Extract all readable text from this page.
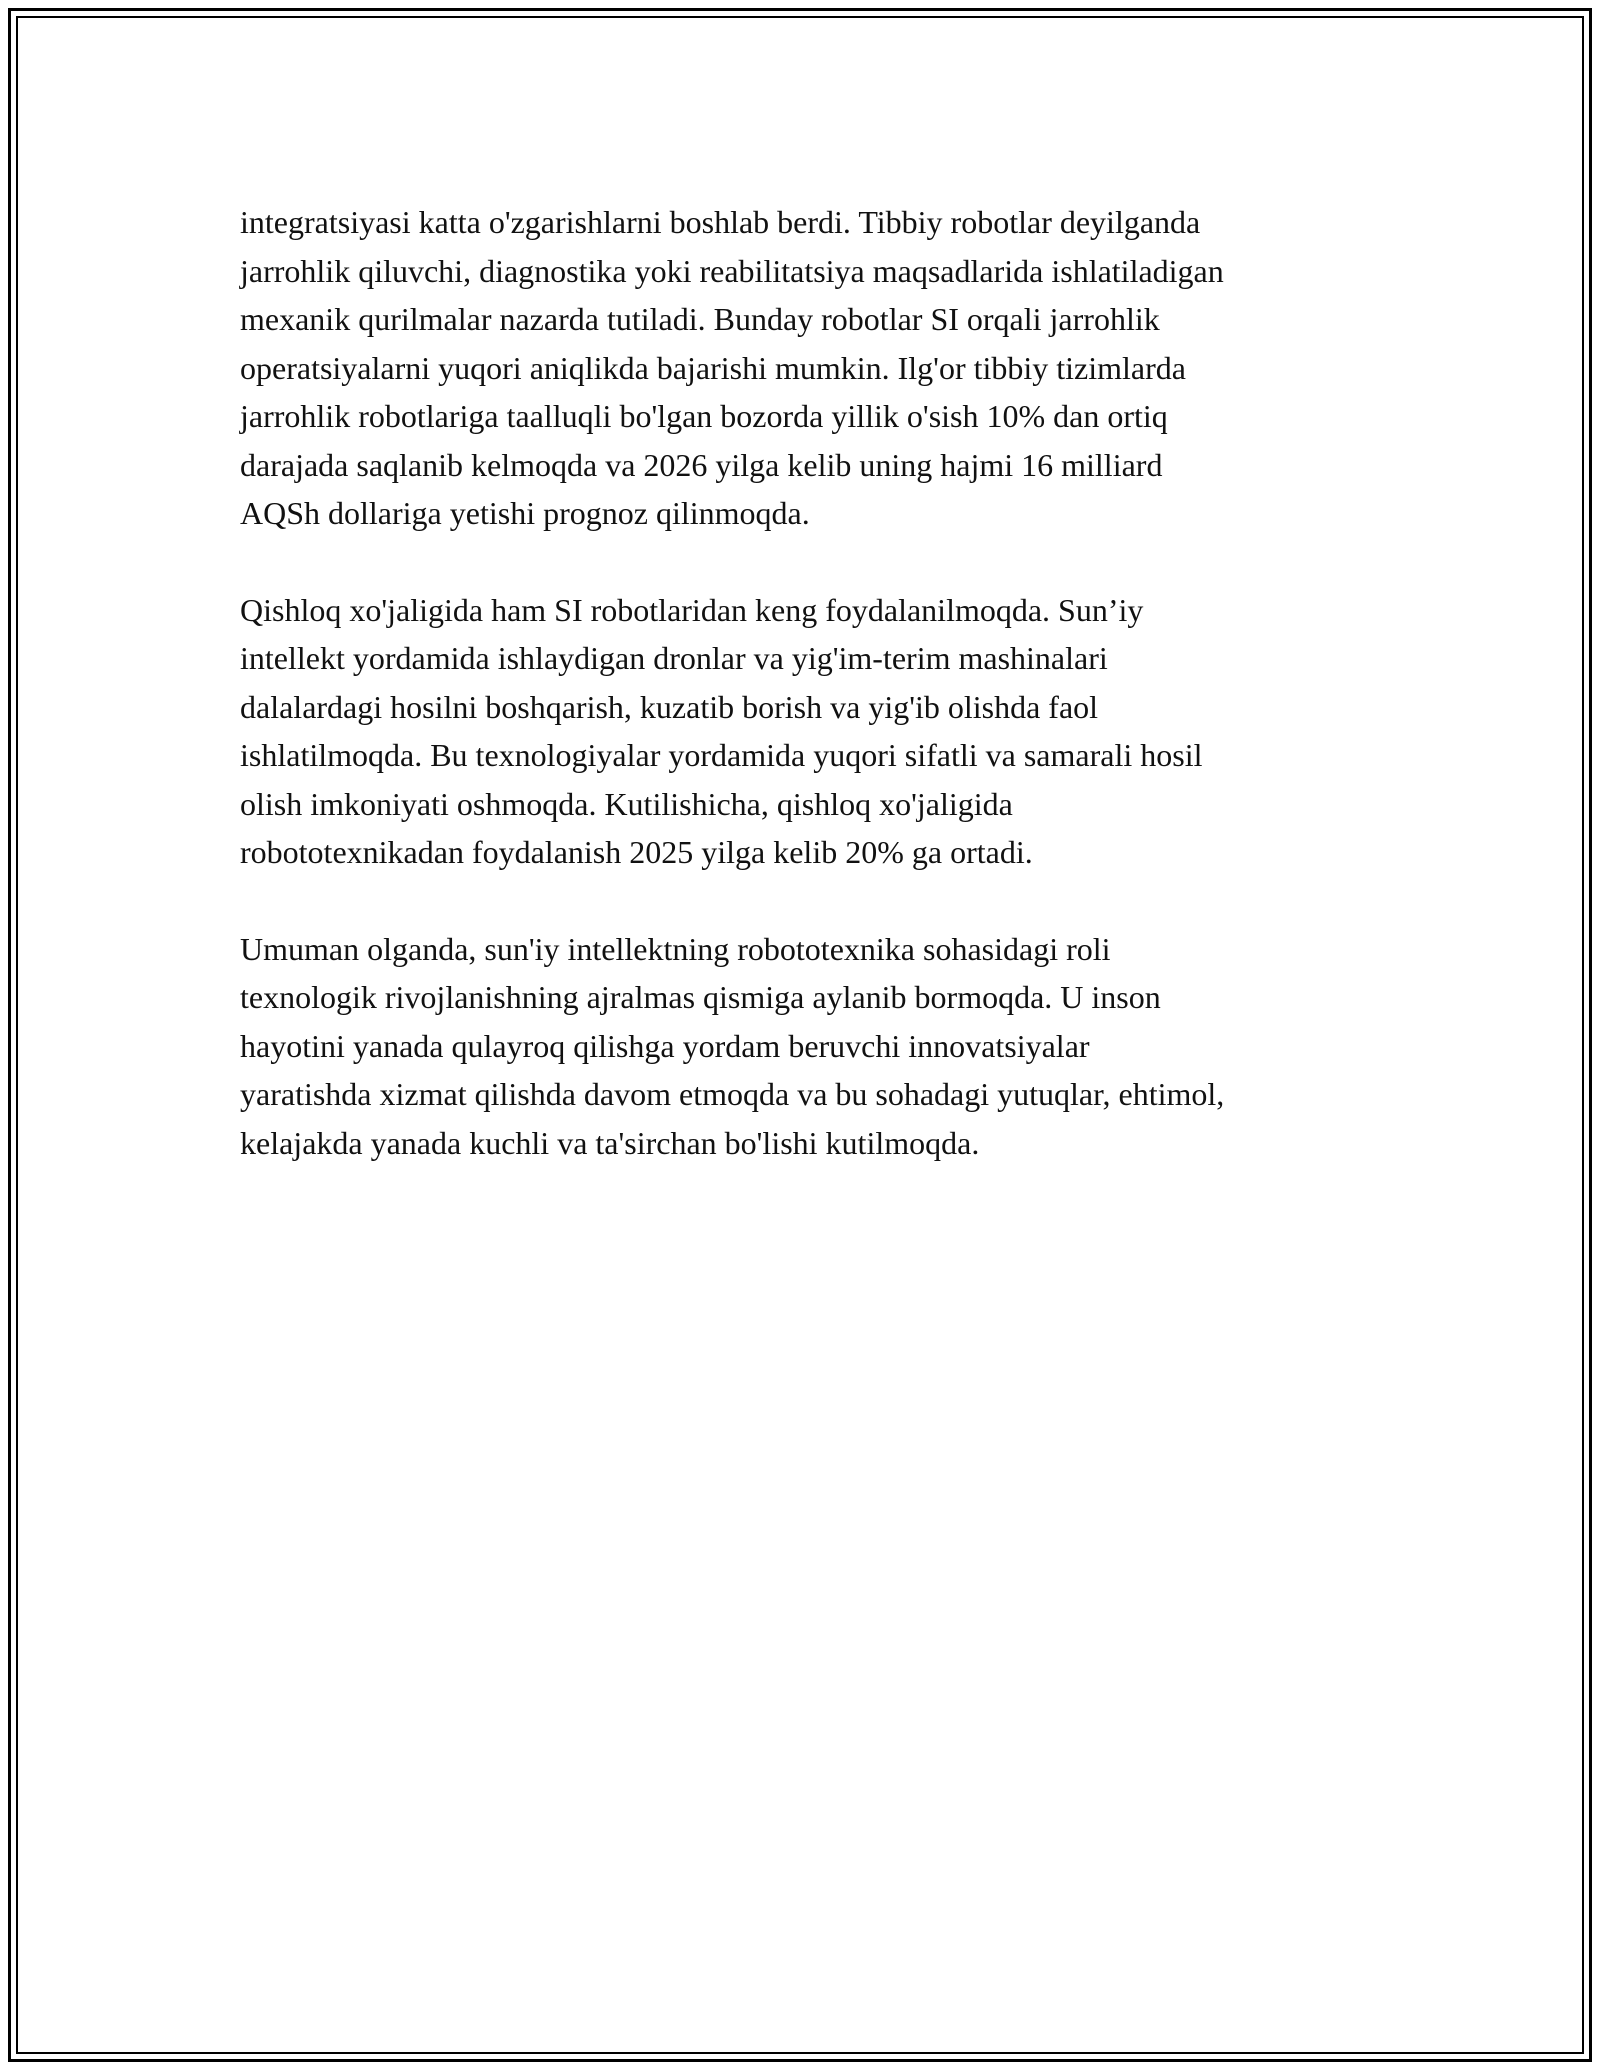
integratsiyasi katta o'zgarishlarni boshlab berdi. Tibbiy robotlar deyilganda
jarrohlik qiluvchi, diagnostika yoki reabilitatsiya maqsadlarida ishlatiladigan
mexanik qurilmalar nazarda tutiladi. Bunday robotlar SI orqali jarrohlik
operatsiyalarni yuqori aniqlikda bajarishi mumkin. Ilg'or tibbiy tizimlarda
jarrohlik robotlariga taalluqli bo'lgan bozorda yillik o'sish 10% dan ortiq
darajada saqlanib kelmoqda va 2026 yilga kelib uning hajmi 16 milliard
AQSh dollariga yetishi prognoz qilinmoqda.

Qishloq xo'jaligida ham SI robotlaridan keng foydalanilmoqda. Sun’iy
intellekt yordamida ishlaydigan dronlar va yig'im-terim mashinalari
dalalardagi hosilni boshqarish, kuzatib borish va yig'ib olishda faol
ishlatilmoqda. Bu texnologiyalar yordamida yuqori sifatli va samarali hosil
olish imkoniyati oshmoqda. Kutilishicha, qishloq xo'jaligida
robototexnikadan foydalanish 2025 yilga kelib 20% ga ortadi.

Umuman olganda, sun'iy intellektning robototexnika sohasidagi roli
texnologik rivojlanishning ajralmas qismiga aylanib bormoqda. U inson
hayotini yanada qulayroq qilishga yordam beruvchi innovatsiyalar
yaratishda xizmat qilishda davom etmoqda va bu sohadagi yutuqlar, ehtimol,
kelajakda yanada kuchli va ta'sirchan bo'lishi kutilmoqda.
